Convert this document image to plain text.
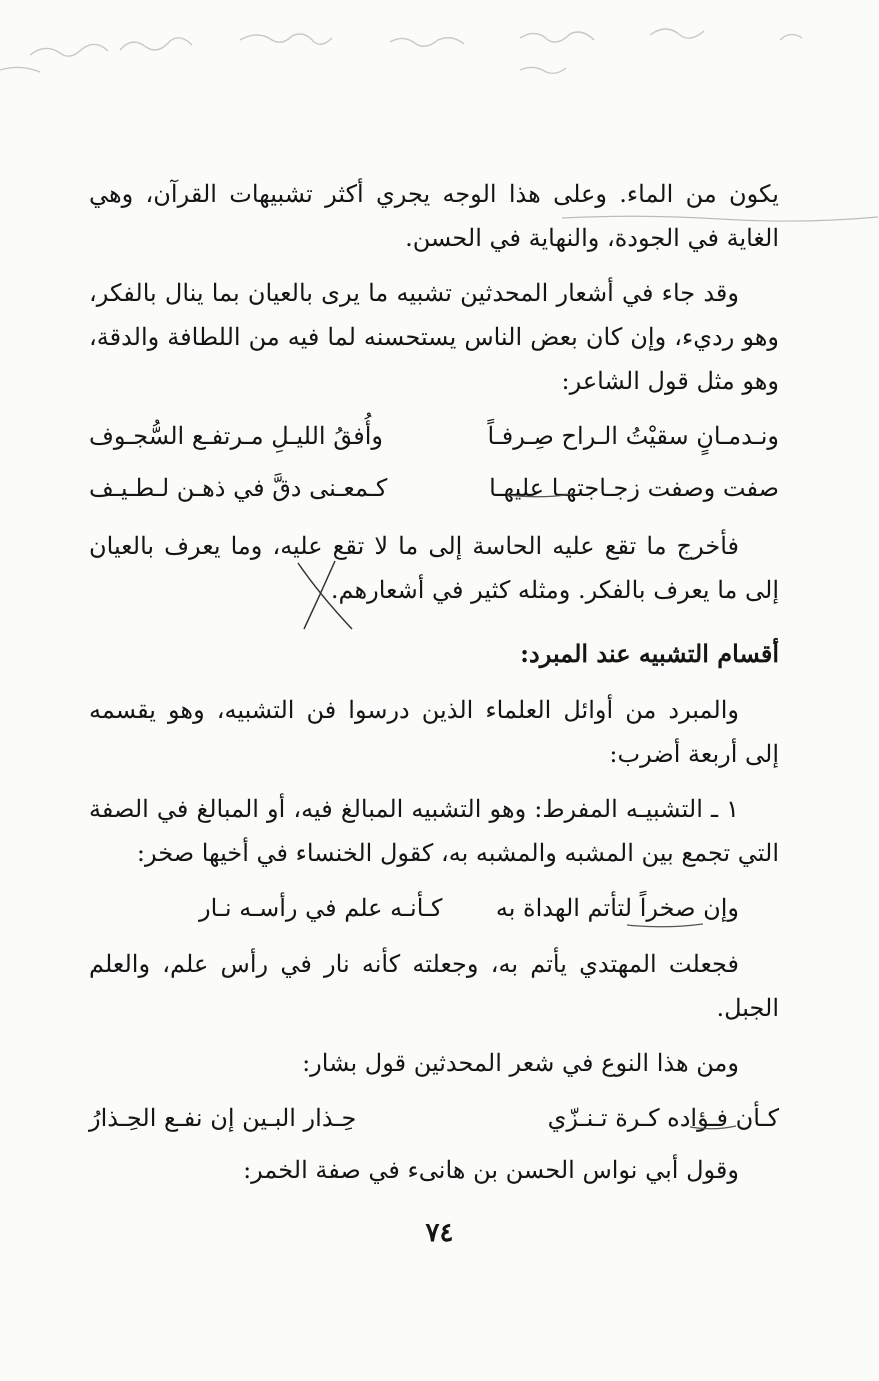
يكون من الماء. وعلى هذا الوجه يجري أكثر تشبيهات القرآن، وهي الغاية في الجودة، والنهاية في الحسن.

وقد جاء في أشعار المحدثين تشبيه ما يرى بالعيان بما ينال بالفكر، وهو رديء، وإن كان بعض الناس يستحسنه لما فيه من اللطافة والدقة، وهو مثل قول الشاعر:

ونـدمـانٍ سقيْتُ الـراح صِـرفـاً
وأُفقُ الليـلِ مـرتفـع السُّجـوف
صفت وصفت زجـاجتهـا عليهـا
كـمعـنى دقَّ في ذهـن لـطـيـف

فأخرج ما تقع عليه الحاسة إلى ما لا تقع عليه، وما يعرف بالعيان إلى ما يعرف بالفكر. ومثله كثير في أشعارهم.

أقسام التشبيه عند المبرد:

والمبرد من أوائل العلماء الذين درسوا فن التشبيه، وهو يقسمه إلى أربعة أضرب:

١ ـ التشبيـه المفرط: وهو التشبيه المبالغ فيه، أو المبالغ في الصفة التي تجمع بين المشبه والمشبه به، كقول الخنساء في أخيها صخر:

وإن صخراً لتأتم الهداة به
كـأنـه علم في رأسـه نـار

فجعلت المهتدي يأتم به، وجعلته كأنه نار في رأس علم، والعلم الجبل.

ومن هذا النوع في شعر المحدثين قول بشار:

كـأن فـؤاده كـرة تـنـزّي
حِـذار البـين إن نفـع الحِـذارُ

وقول أبي نواس الحسن بن هانىء في صفة الخمر:

٧٤
